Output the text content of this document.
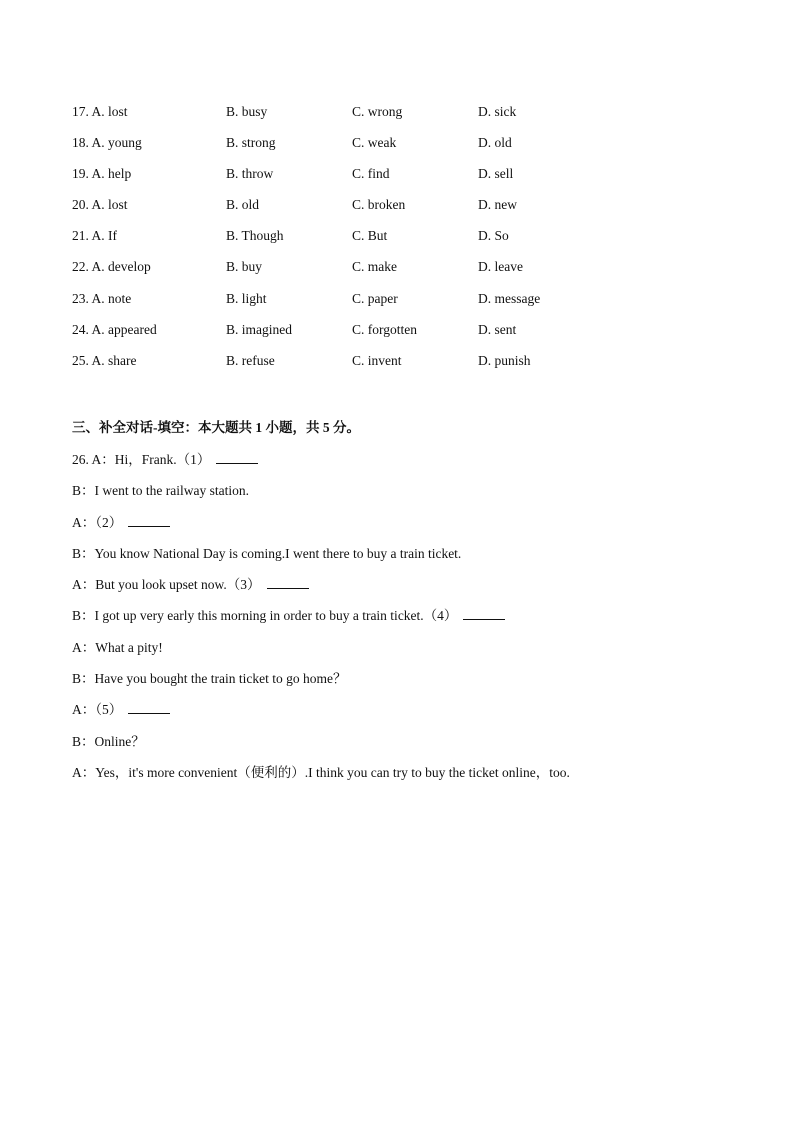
17. A. lost	B. busy	C. wrong	D. sick
18. A. young	B. strong	C. weak	D. old
19. A. help	B. throw	C. find	D. sell
20. A. lost	B. old	C. broken	D. new
21. A. If	B. Though	C. But	D. So
22. A. develop	B. buy	C. make	D. leave
23. A. note	B. light	C. paper	D. message
24. A. appeared	B. imagined	C. forgotten	D. sent
25. A. share	B. refuse	C. invent	D. punish
三、补全对话-填空：本大题共 1 小题，共 5 分。
26. A：Hi，Frank.（1）
B：I went to the railway station.
A：（2）
B：You know National Day is coming.I went there to buy a train ticket.
A：But you look upset now.（3）
B：I got up very early this morning in order to buy a train ticket.（4）
A：What a pity!
B：Have you bought the train ticket to go home？
A：（5）
B：Online？
A：Yes，it's more convenient（便利的）.I think you can try to buy the ticket online，too.
